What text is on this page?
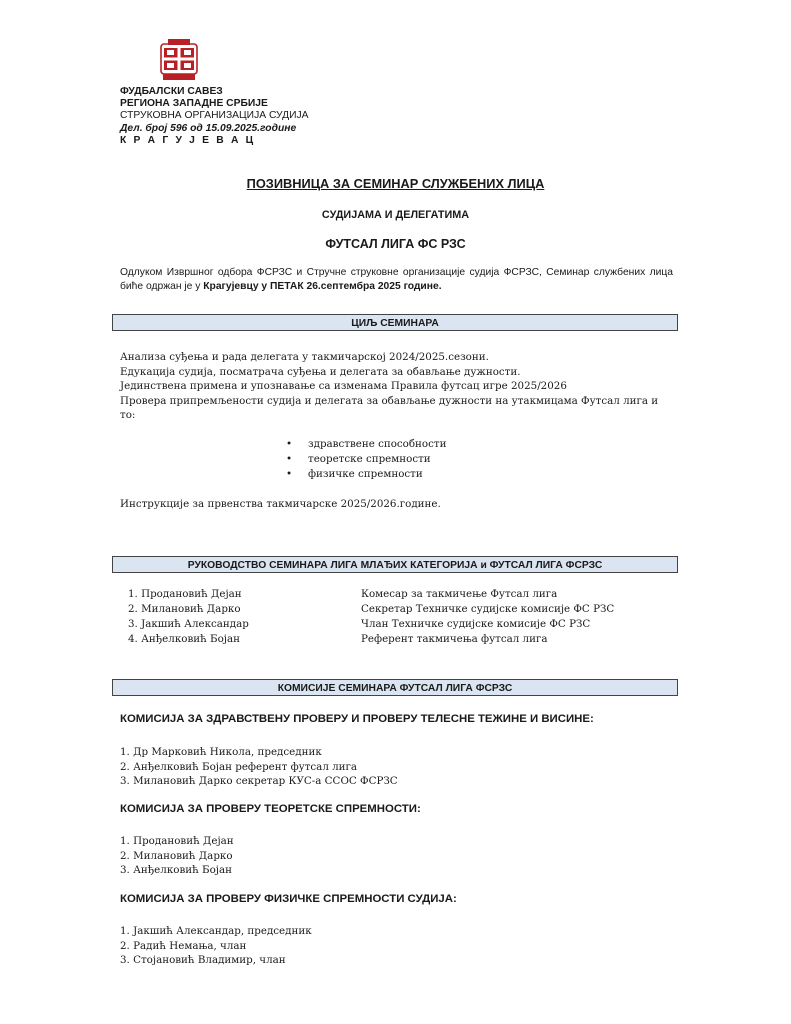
ФУДБАЛСКИ САВЕЗ
РЕГИОНА ЗАПАДНЕ СРБИЈЕ
СТРУКОВНА ОРГАНИЗАЦИЈА СУДИЈА
Дел. број 596 од 15.09.2025.године
К Р А Г У Ј Е В А Ц
ПОЗИВНИЦА ЗА СЕМИНАР СЛУЖБЕНИХ ЛИЦА
СУДИЈАМА И ДЕЛЕГАТИМА
ФУТСАЛ ЛИГА ФС РЗС
Одлуком Извршног одбора ФСРЗС и Стручне струковне организације судија ФСРЗС, Семинар службених лица биће одржан је у Крагујевцу у ПЕТАК 26.септембра 2025 године.
ЦИЉ СЕМИНАРА
Анализа суђења и рада делегата у такмичарској 2024/2025.сезони.
Едукација судија, посматрача суђења и делегата за обављање дужности.
Јединствена примена и упознавање са изменама Правила футсац игре 2025/2026
Провера припремљености судија и делегата за обављање дужности на утакмицама Футсал лига и
то:
• здравствене способности
• теоретске спремности
• физичке спремности
Инструкције за првенства такмичарске 2025/2026.године.
РУКОВОДСТВО СЕМИНАРА ЛИГА МЛАЂИХ КАТЕГОРИЈА и ФУТСАЛ ЛИГА ФСРЗС
1. Продановић Дејан	Комесар за такмичење Футсал лига
2. Милановић Дарко	Секретар Техничке судијске комисије ФС РЗС
3. Јакшић Александар	Члан Техничке судијске комисије ФС РЗС
4. Анђелковић Бојан	Референт такмичења футсал лига
КОМИСИЈЕ СЕМИНАРА ФУТСАЛ ЛИГА ФСРЗС
КОМИСИЈА ЗА ЗДРАВСТВЕНУ ПРОВЕРУ И ПРОВЕРУ ТЕЛЕСНЕ ТЕЖИНЕ И ВИСИНЕ:
1. Др Марковић Никола, председник
2. Анђелковић Бојан референт футсал лига
3. Милановић Дарко секретар КУС-а ССОС ФСРЗС
КОМИСИЈА ЗА ПРОВЕРУ ТЕОРЕТСКЕ СПРЕМНОСТИ:
1. Продановић Дејан
2. Милановић Дарко
3. Анђелковић Бојан
КОМИСИЈА ЗА ПРОВЕРУ ФИЗИЧКЕ СПРЕМНОСТИ СУДИЈА:
1. Јакшић Александар, председник
2. Радић Немања, члан
3. Стојановић Владимир, члан
